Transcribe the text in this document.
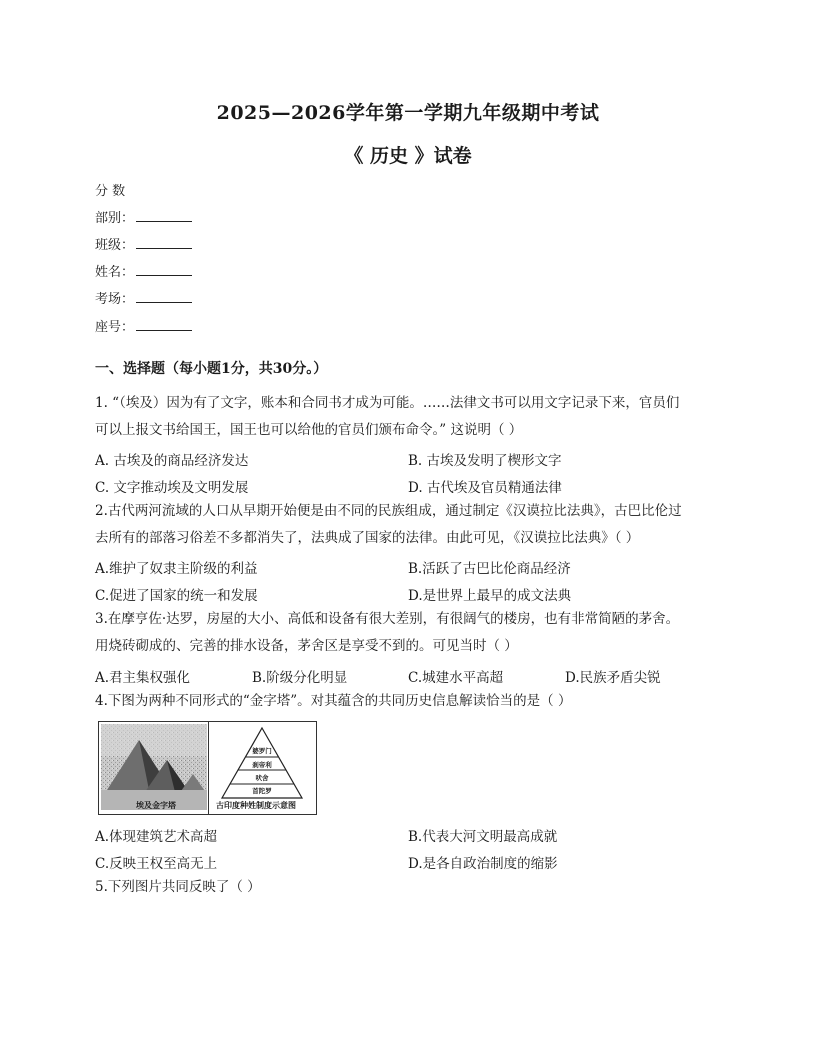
2025—2026学年第一学期九年级期中考试
《 历史 》试卷
分 数
部别：
班级：
姓名：
考场：
座号：
一、选择题（每小题1分，共30分。）
1. “（埃及）因为有了文字，账本和合同书才成为可能。……法律文书可以用文字记录下来，官员们
可以上报文书给国王，国王也可以给他的官员们颁布命令。” 这说明（ ）
A. 古埃及的商品经济发达	B. 古埃及发明了楔形文字
C. 文字推动埃及文明发展	D. 古代埃及官员精通法律
2.古代两河流域的人口从早期开始便是由不同的民族组成，通过制定《汉谟拉比法典》，古巴比伦过
去所有的部落习俗差不多都消失了，法典成了国家的法律。由此可见，《汉谟拉比法典》（ ）
A.维护了奴隶主阶级的利益	B.活跃了古巴比伦商品经济
C.促进了国家的统一和发展	D.是世界上最早的成文法典
3.在摩亨佐·达罗，房屋的大小、高低和设备有很大差别，有很阔气的楼房，也有非常简陋的茅舍。
用烧砖砌成的、完善的排水设备，茅舍区是享受不到的。可见当时（ ）
A.君主集权强化	B.阶级分化明显	C.城建水平高超	D.民族矛盾尖锐
4.下图为两种不同形式的“金字塔”。对其蕴含的共同历史信息解读恰当的是（ ）
埃及金字塔
婆罗门
刹帝利
吠舍
首陀罗
古印度种姓制度示意图
A.体现建筑艺术高超	B.代表大河文明最高成就
C.反映王权至高无上	D.是各自政治制度的缩影
5.下列图片共同反映了（ ）
